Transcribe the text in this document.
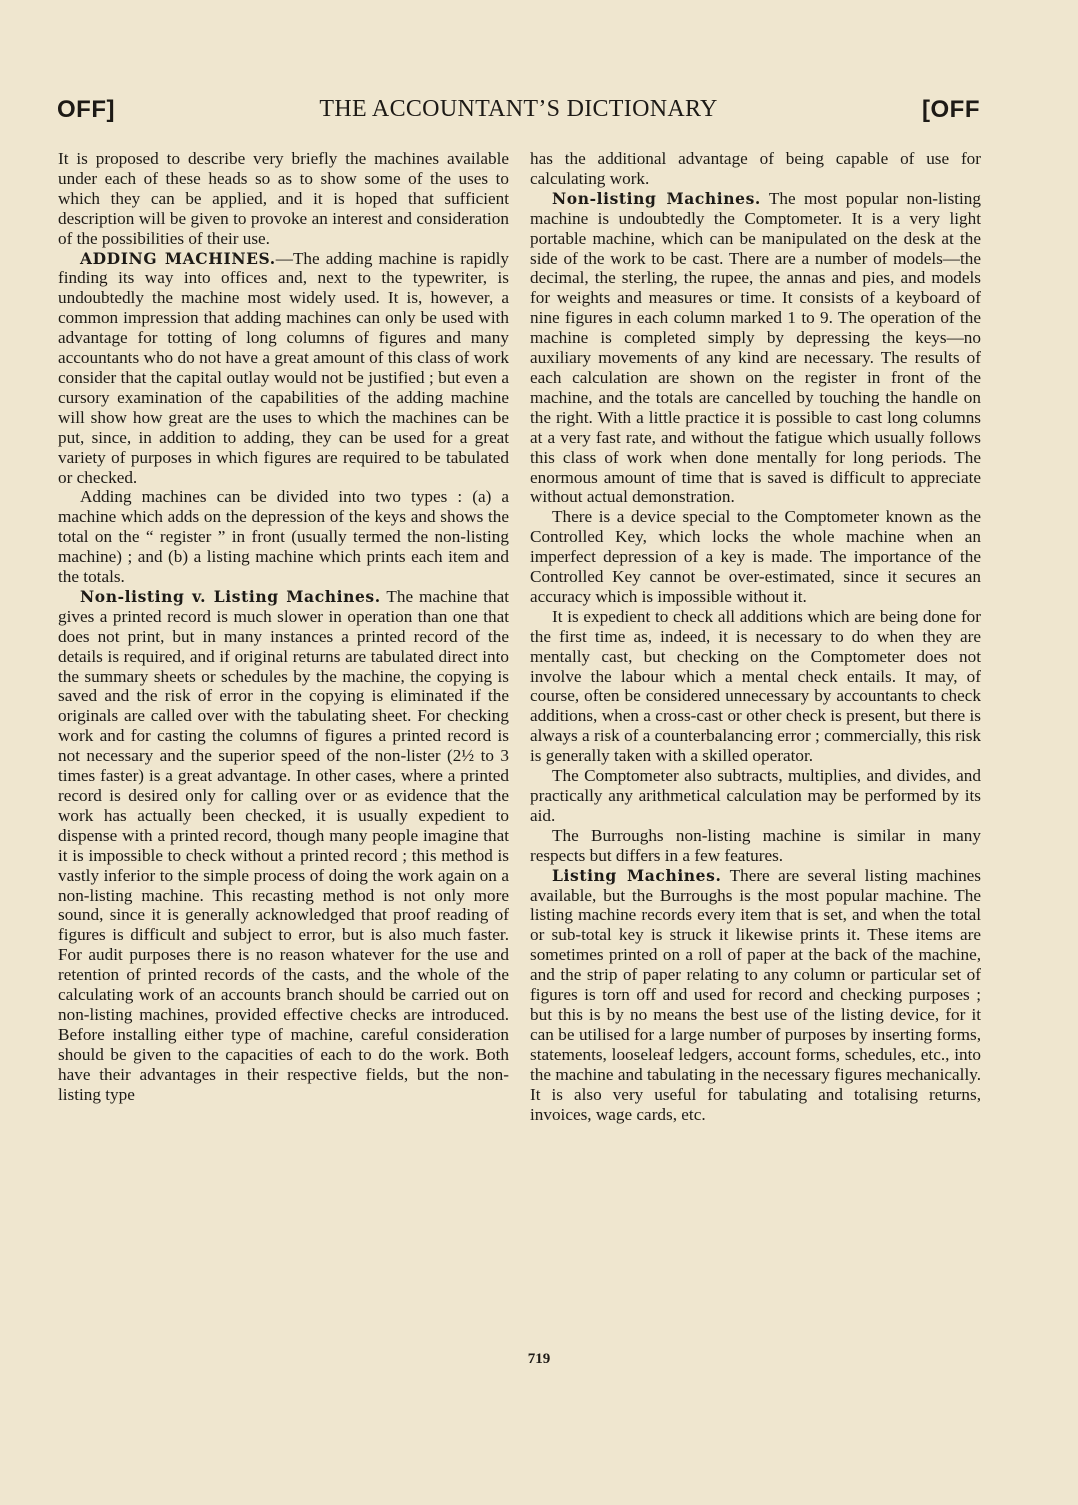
OFF]	THE ACCOUNTANT’S DICTIONARY	[OFF

It is proposed to describe very briefly the machines available under each of these heads so as to show some of the uses to which they can be applied, and it is hoped that sufficient description will be given to provoke an interest and consideration of the possibilities of their use.

ADDING MACHINES.—The adding machine is rapidly finding its way into offices and, next to the typewriter, is undoubtedly the machine most widely used. It is, however, a common impression that adding machines can only be used with advantage for totting of long columns of figures and many accountants who do not have a great amount of this class of work consider that the capital outlay would not be justified ; but even a cursory examination of the capabilities of the adding machine will show how great are the uses to which the machines can be put, since, in addition to adding, they can be used for a great variety of purposes in which figures are required to be tabulated or checked.

Adding machines can be divided into two types : (a) a machine which adds on the depression of the keys and shows the total on the “ register ” in front (usually termed the non-listing machine) ; and (b) a listing machine which prints each item and the totals.

Non-listing v. Listing Machines. The machine that gives a printed record is much slower in operation than one that does not print, but in many instances a printed record of the details is required, and if original returns are tabulated direct into the summary sheets or schedules by the machine, the copying is saved and the risk of error in the copying is eliminated if the originals are called over with the tabulating sheet. For checking work and for casting the columns of figures a printed record is not necessary and the superior speed of the non-lister (2½ to 3 times faster) is a great advantage. In other cases, where a printed record is desired only for calling over or as evidence that the work has actually been checked, it is usually expedient to dispense with a printed record, though many people imagine that it is impossible to check without a printed record ; this method is vastly inferior to the simple process of doing the work again on a non-listing machine. This recasting method is not only more sound, since it is generally acknowledged that proof reading of figures is difficult and subject to error, but is also much faster. For audit purposes there is no reason whatever for the use and retention of printed records of the casts, and the whole of the calculating work of an accounts branch should be carried out on non-listing machines, provided effective checks are introduced. Before installing either type of machine, careful consideration should be given to the capacities of each to do the work. Both have their advantages in their respective fields, but the non-listing type

has the additional advantage of being capable of use for calculating work.

Non-listing Machines. The most popular non-listing machine is undoubtedly the Comptometer. It is a very light portable machine, which can be manipulated on the desk at the side of the work to be cast. There are a number of models—the decimal, the sterling, the rupee, the annas and pies, and models for weights and measures or time. It consists of a keyboard of nine figures in each column marked 1 to 9. The operation of the machine is completed simply by depressing the keys—no auxiliary movements of any kind are necessary. The results of each calculation are shown on the register in front of the machine, and the totals are cancelled by touching the handle on the right. With a little practice it is possible to cast long columns at a very fast rate, and without the fatigue which usually follows this class of work when done mentally for long periods. The enormous amount of time that is saved is difficult to appreciate without actual demonstration.

There is a device special to the Comptometer known as the Controlled Key, which locks the whole machine when an imperfect depression of a key is made. The importance of the Controlled Key cannot be over-estimated, since it secures an accuracy which is impossible without it.

It is expedient to check all additions which are being done for the first time as, indeed, it is necessary to do when they are mentally cast, but checking on the Comptometer does not involve the labour which a mental check entails. It may, of course, often be considered unnecessary by accountants to check additions, when a cross-cast or other check is present, but there is always a risk of a counterbalancing error ; commercially, this risk is generally taken with a skilled operator.

The Comptometer also subtracts, multiplies, and divides, and practically any arithmetical calculation may be performed by its aid.

The Burroughs non-listing machine is similar in many respects but differs in a few features.

Listing Machines. There are several listing machines available, but the Burroughs is the most popular machine. The listing machine records every item that is set, and when the total or sub-total key is struck it likewise prints it. These items are sometimes printed on a roll of paper at the back of the machine, and the strip of paper relating to any column or particular set of figures is torn off and used for record and checking purposes ; but this is by no means the best use of the listing device, for it can be utilised for a large number of purposes by inserting forms, statements, looseleaf ledgers, account forms, schedules, etc., into the machine and tabulating in the necessary figures mechanically. It is also very useful for tabulating and totalising returns, invoices, wage cards, etc.

719
